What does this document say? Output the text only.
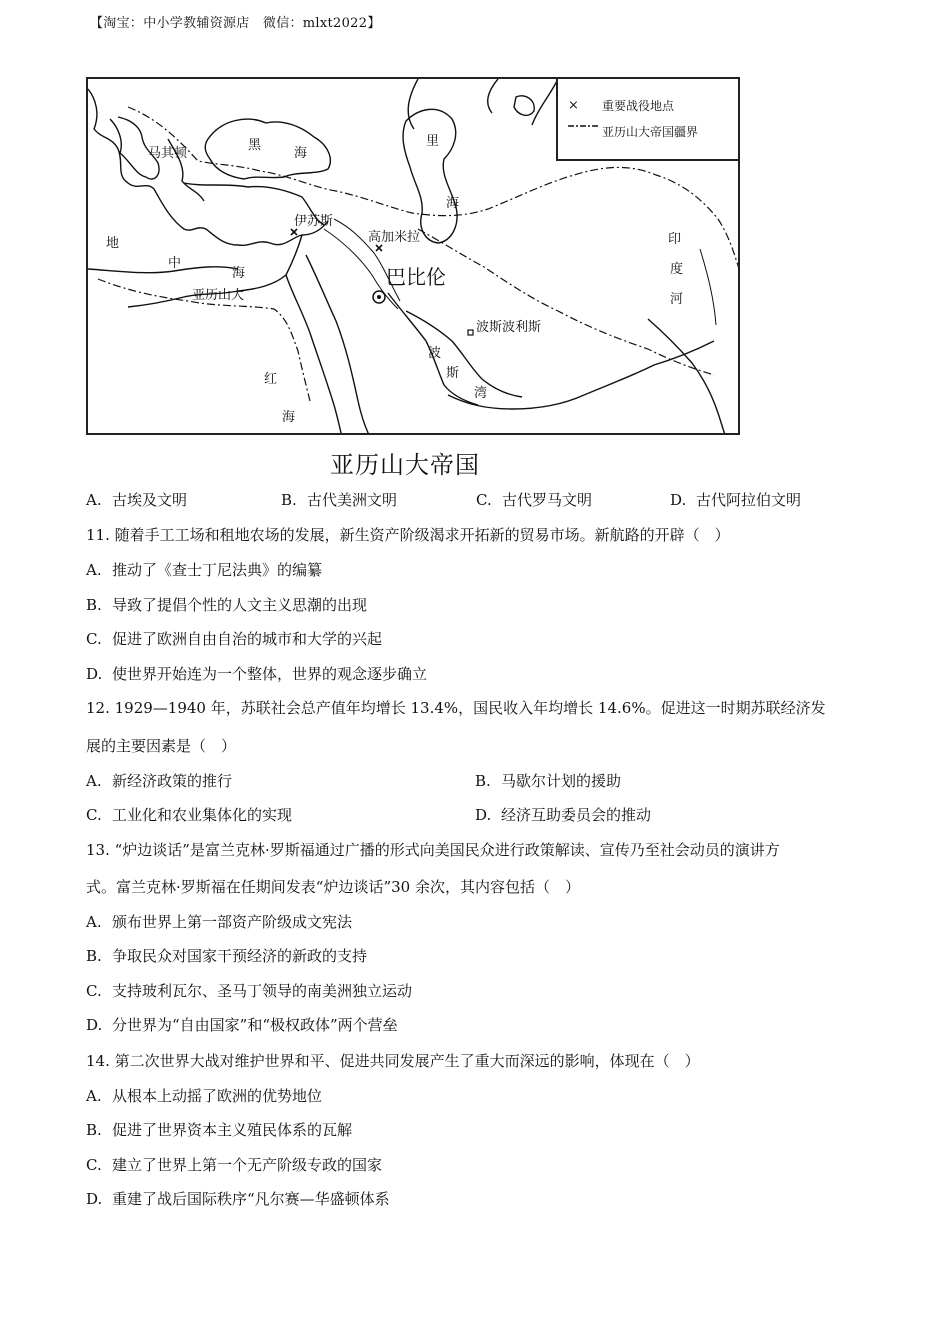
【淘宝：中小学教辅资源店　微信：mlxt2022】
×	重要战役地点
亚历山大帝国疆界
马其顿
黑
海
里
海
伊苏斯
高加米拉
巴比伦
地
中
海
亚历山大
波斯波利斯
波
斯
湾
红
海
印
度
河
亚历山大帝国
A. 古埃及文明	B. 古代美洲文明	C. 古代罗马文明	D. 古代阿拉伯文明
11. 随着手工工场和租地农场的发展，新生资产阶级渴求开拓新的贸易市场。新航路的开辟（　）
A. 推动了《查士丁尼法典》的编纂
B. 导致了提倡个性的人文主义思潮的出现
C. 促进了欧洲自由自治的城市和大学的兴起
D. 使世界开始连为一个整体，世界的观念逐步确立
12. 1929—1940 年，苏联社会总产值年均增长 13.4%，国民收入年均增长 14.6%。促进这一时期苏联经济发
展的主要因素是（　）
A. 新经济政策的推行	B. 马歇尔计划的援助
C. 工业化和农业集体化的实现	D. 经济互助委员会的推动
13. “炉边谈话”是富兰克林·罗斯福通过广播的形式向美国民众进行政策解读、宣传乃至社会动员的演讲方
式。富兰克林·罗斯福在任期间发表“炉边谈话”30 余次，其内容包括（　）
A. 颁布世界上第一部资产阶级成文宪法
B. 争取民众对国家干预经济的新政的支持
C. 支持玻利瓦尔、圣马丁领导的南美洲独立运动
D. 分世界为“自由国家”和“极权政体”两个营垒
14. 第二次世界大战对维护世界和平、促进共同发展产生了重大而深远的影响，体现在（　）
A. 从根本上动摇了欧洲的优势地位
B. 促进了世界资本主义殖民体系的瓦解
C. 建立了世界上第一个无产阶级专政的国家
D. 重建了战后国际秩序“凡尔赛—华盛顿体系
